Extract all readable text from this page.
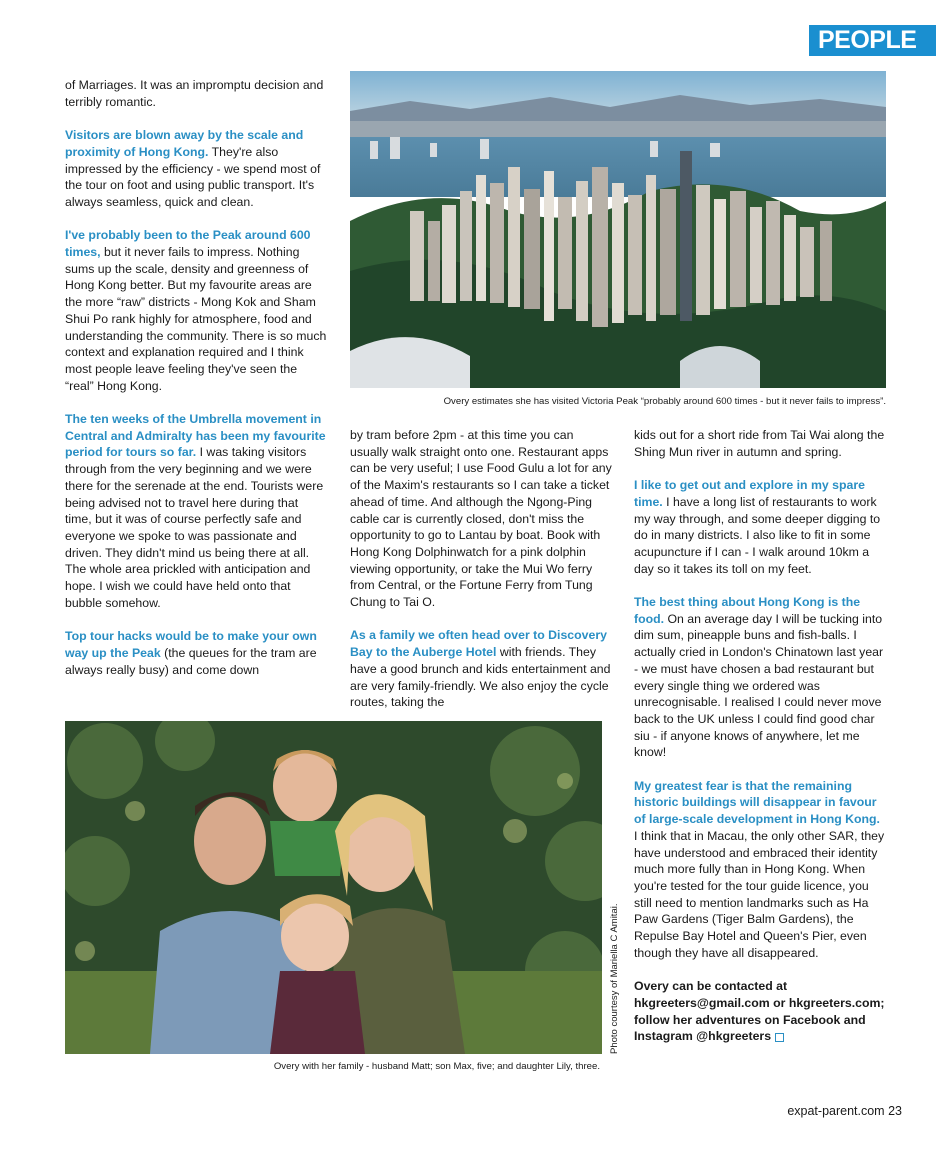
PEOPLE
Overy estimates she has visited Victoria Peak “probably around 600 times - but it never fails to impress”.

of Marriages. It was an impromptu decision and terribly romantic.

Visitors are blown away by the scale and proximity of Hong Kong. They're also impressed by the efficiency - we spend most of the tour on foot and using public transport. It's always seamless, quick and clean.

I've probably been to the Peak around 600 times, but it never fails to impress. Nothing sums up the scale, density and greenness of Hong Kong better. But my favourite areas are the more “raw” districts - Mong Kok and Sham Shui Po rank highly for atmosphere, food and understanding the community. There is so much context and explanation required and I think most people leave feeling they've seen the “real” Hong Kong.

The ten weeks of the Umbrella movement in Central and Admiralty has been my favourite period for tours so far. I was taking visitors through from the very beginning and we were there for the serenade at the end. Tourists were being advised not to travel here during that time, but it was of course perfectly safe and everyone we spoke to was passionate and driven. They didn't mind us being there at all. The whole area prickled with anticipation and hope. I wish we could have held onto that bubble somehow.

Top tour hacks would be to make your own way up the Peak (the queues for the tram are always really busy) and come down

by tram before 2pm - at this time you can usually walk straight onto one. Restaurant apps can be very useful; I use Food Gulu a lot for any of the Maxim's restaurants so I can take a ticket ahead of time. And although the Ngong-Ping cable car is currently closed, don't miss the opportunity to go to Lantau by boat. Book with Hong Kong Dolphinwatch for a pink dolphin viewing opportunity, or take the Mui Wo ferry from Central, or the Fortune Ferry from Tung Chung to Tai O.

As a family we often head over to Discovery Bay to the Auberge Hotel with friends. They have a good brunch and kids entertainment and are very family-friendly. We also enjoy the cycle routes, taking the

kids out for a short ride from Tai Wai along the Shing Mun river in autumn and spring.

I like to get out and explore in my spare time. I have a long list of restaurants to work my way through, and some deeper digging to do in many districts. I also like to fit in some acupuncture if I can - I walk around 10km a day so it takes its toll on my feet.

The best thing about Hong Kong is the food. On an average day I will be tucking into dim sum, pineapple buns and fish-balls. I actually cried in London's Chinatown last year - we must have chosen a bad restaurant but every single thing we ordered was unrecognisable. I realised I could never move back to the UK unless I could find good char siu - if anyone knows of anywhere, let me know!

My greatest fear is that the remaining historic buildings will disappear in favour of large-scale development in Hong Kong. I think that in Macau, the only other SAR, they have understood and embraced their identity much more fully than in Hong Kong. When you're tested for the tour guide licence, you still need to mention landmarks such as Ha Paw Gardens (Tiger Balm Gardens), the Repulse Bay Hotel and Queen's Pier, even though they have all disappeared.

Overy can be contacted at hkgreeters@gmail.com or hkgreeters.com; follow her adventures on Facebook and Instagram @hkgreeters

Overy with her family - husband Matt; son Max, five; and daughter Lily, three.
Photo courtesy of Mariella C Amitai.
expat-parent.com 23
